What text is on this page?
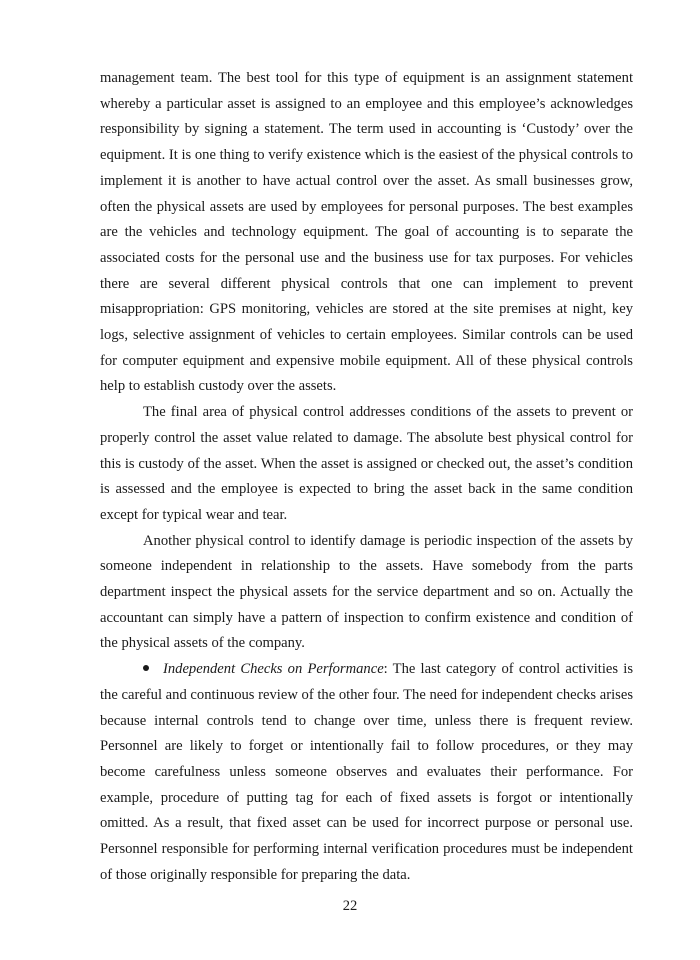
management team. The best tool for this type of equipment is an assignment statement whereby a particular asset is assigned to an employee and this employee’s acknowledges responsibility by signing a statement. The term used in accounting is ‘Custody’ over the equipment. It is one thing to verify existence which is the easiest of the physical controls to implement it is another to have actual control over the asset. As small businesses grow, often the physical assets are used by employees for personal purposes. The best examples are the vehicles and technology equipment. The goal of accounting is to separate the associated costs for the personal use and the business use for tax purposes. For vehicles there are several different physical controls that one can implement to prevent misappropriation: GPS monitoring, vehicles are stored at the site premises at night, key logs, selective assignment of vehicles to certain employees. Similar controls can be used for computer equipment and expensive mobile equipment. All of these physical controls help to establish custody over the assets.

The final area of physical control addresses conditions of the assets to prevent or properly control the asset value related to damage. The absolute best physical control for this is custody of the asset. When the asset is assigned or checked out, the asset’s condition is assessed and the employee is expected to bring the asset back in the same condition except for typical wear and tear.

Another physical control to identify damage is periodic inspection of the assets by someone independent in relationship to the assets. Have somebody from the parts department inspect the physical assets for the service department and so on. Actually the accountant can simply have a pattern of inspection to confirm existence and condition of the physical assets of the company.

Independent Checks on Performance: The last category of control activities is the careful and continuous review of the other four. The need for independent checks arises because internal controls tend to change over time, unless there is frequent review. Personnel are likely to forget or intentionally fail to follow procedures, or they may become carefulness unless someone observes and evaluates their performance. For example, procedure of putting tag for each of fixed assets is forgot or intentionally omitted. As a result, that fixed asset can be used for incorrect purpose or personal use. Personnel responsible for performing internal verification procedures must be independent of those originally responsible for preparing the data.

22
